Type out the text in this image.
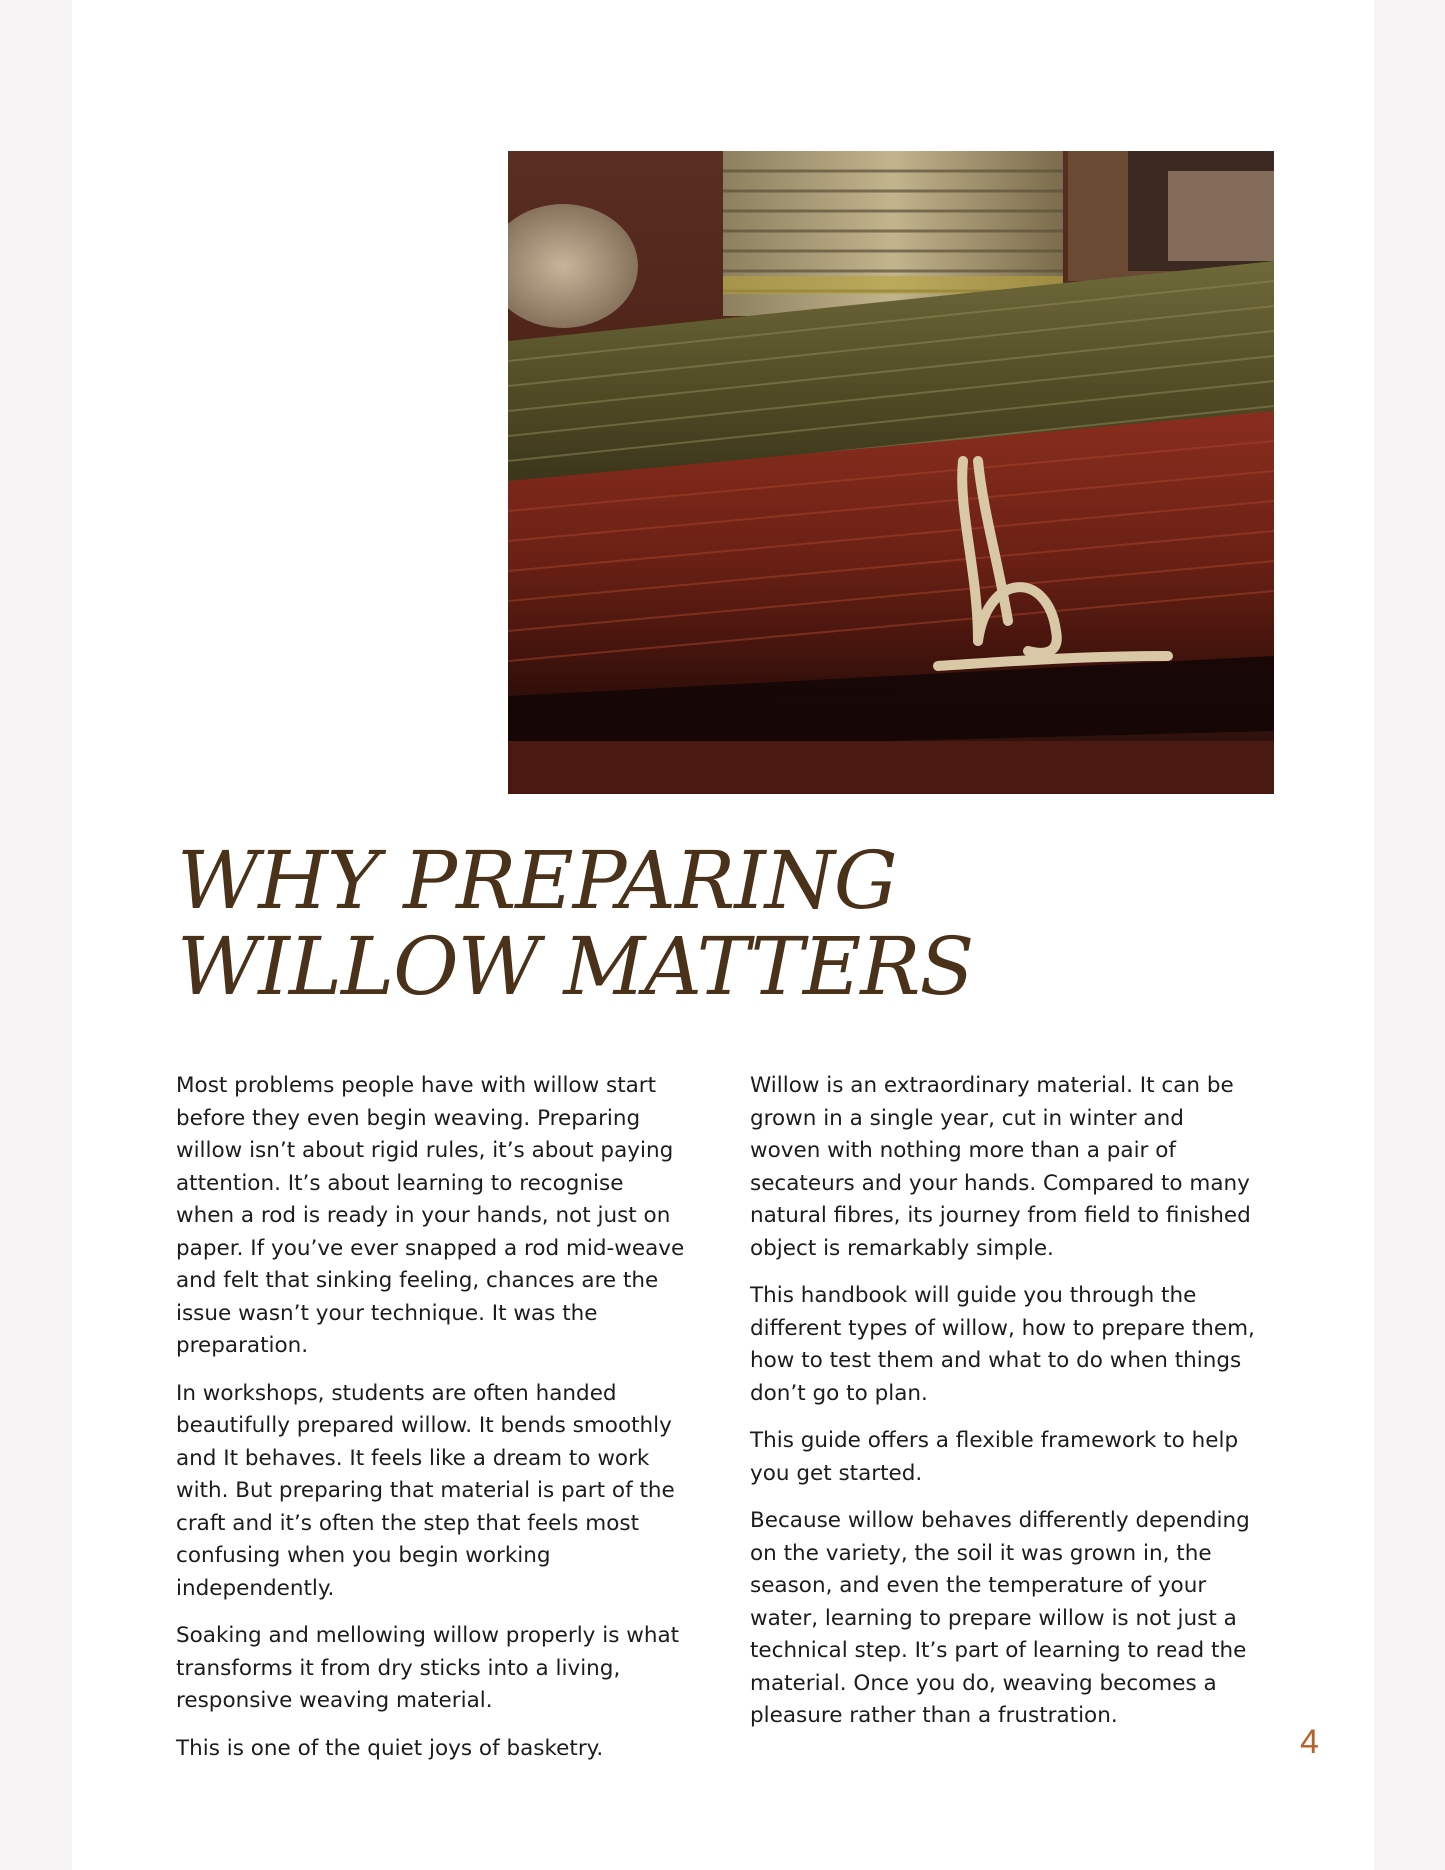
WHY PREPARING
WILLOW MATTERS

Most problems people have with willow start before they even begin weaving. Preparing willow isn’t about rigid rules, it’s about paying attention. It’s about learning to recognise when a rod is ready in your hands, not just on paper. If you’ve ever snapped a rod mid-weave and felt that sinking feeling, chances are the issue wasn’t your technique. It was the preparation.

In workshops, students are often handed beautifully prepared willow. It bends smoothly and It behaves. It feels like a dream to work with. But preparing that material is part of the craft and it’s often the step that feels most confusing when you begin working independently.

Soaking and mellowing willow properly is what transforms it from dry sticks into a living, responsive weaving material.

This is one of the quiet joys of basketry.

Willow is an extraordinary material. It can be grown in a single year, cut in winter and woven with nothing more than a pair of secateurs and your hands. Compared to many natural fibres, its journey from field to finished object is remarkably simple.

This handbook will guide you through the different types of willow, how to prepare them, how to test them and what to do when things don’t go to plan.

This guide offers a flexible framework to help you get started.

Because willow behaves differently depending on the variety, the soil it was grown in, the season, and even the temperature of your water, learning to prepare willow is not just a technical step. It’s part of learning to read the material. Once you do, weaving becomes a pleasure rather than a frustration.

4
